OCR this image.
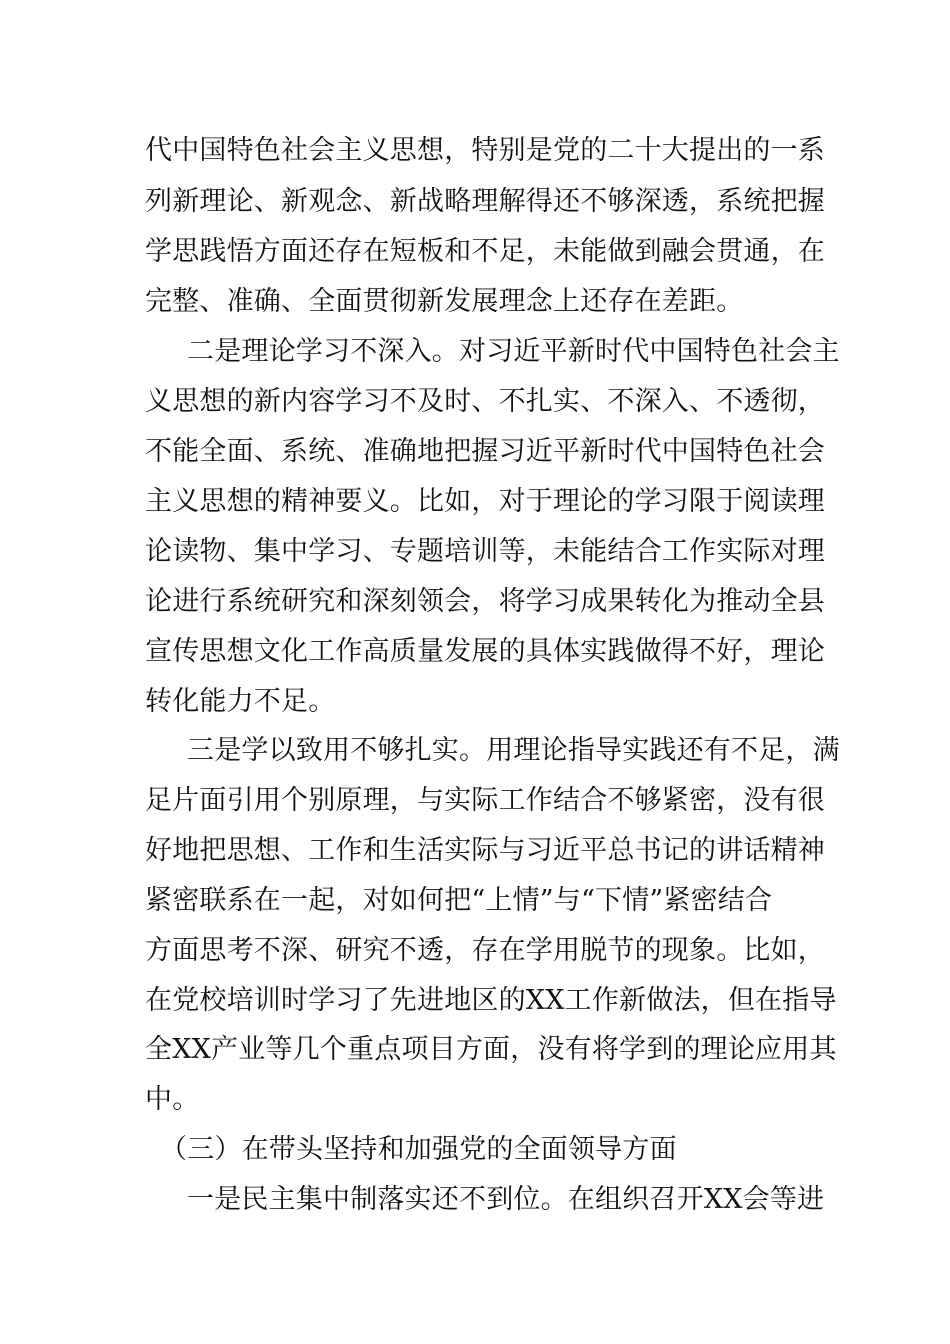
代中国特色社会主义思想，特别是党的二十大提出的一系
列新理论、新观念、新战略理解得还不够深透，系统把握
学思践悟方面还存在短板和不足，未能做到融会贯通，在
完整、准确、全面贯彻新发展理念上还存在差距。
二是理论学习不深入。对习近平新时代中国特色社会主
义思想的新内容学习不及时、不扎实、不深入、不透彻，
不能全面、系统、准确地把握习近平新时代中国特色社会
主义思想的精神要义。比如，对于理论的学习限于阅读理
论读物、集中学习、专题培训等，未能结合工作实际对理
论进行系统研究和深刻领会，将学习成果转化为推动全县
宣传思想文化工作高质量发展的具体实践做得不好，理论
转化能力不足。
三是学以致用不够扎实。用理论指导实践还有不足，满
足片面引用个别原理，与实际工作结合不够紧密，没有很
好地把思想、工作和生活实际与习近平总书记的讲话精神
紧密联系在一起，对如何把“上情”与“下情”紧密结合
方面思考不深、研究不透，存在学用脱节的现象。比如，
在党校培训时学习了先进地区的XX工作新做法，但在指导
全XX产业等几个重点项目方面，没有将学到的理论应用其
中。
（三）在带头坚持和加强党的全面领导方面
一是民主集中制落实还不到位。在组织召开XX会等进
